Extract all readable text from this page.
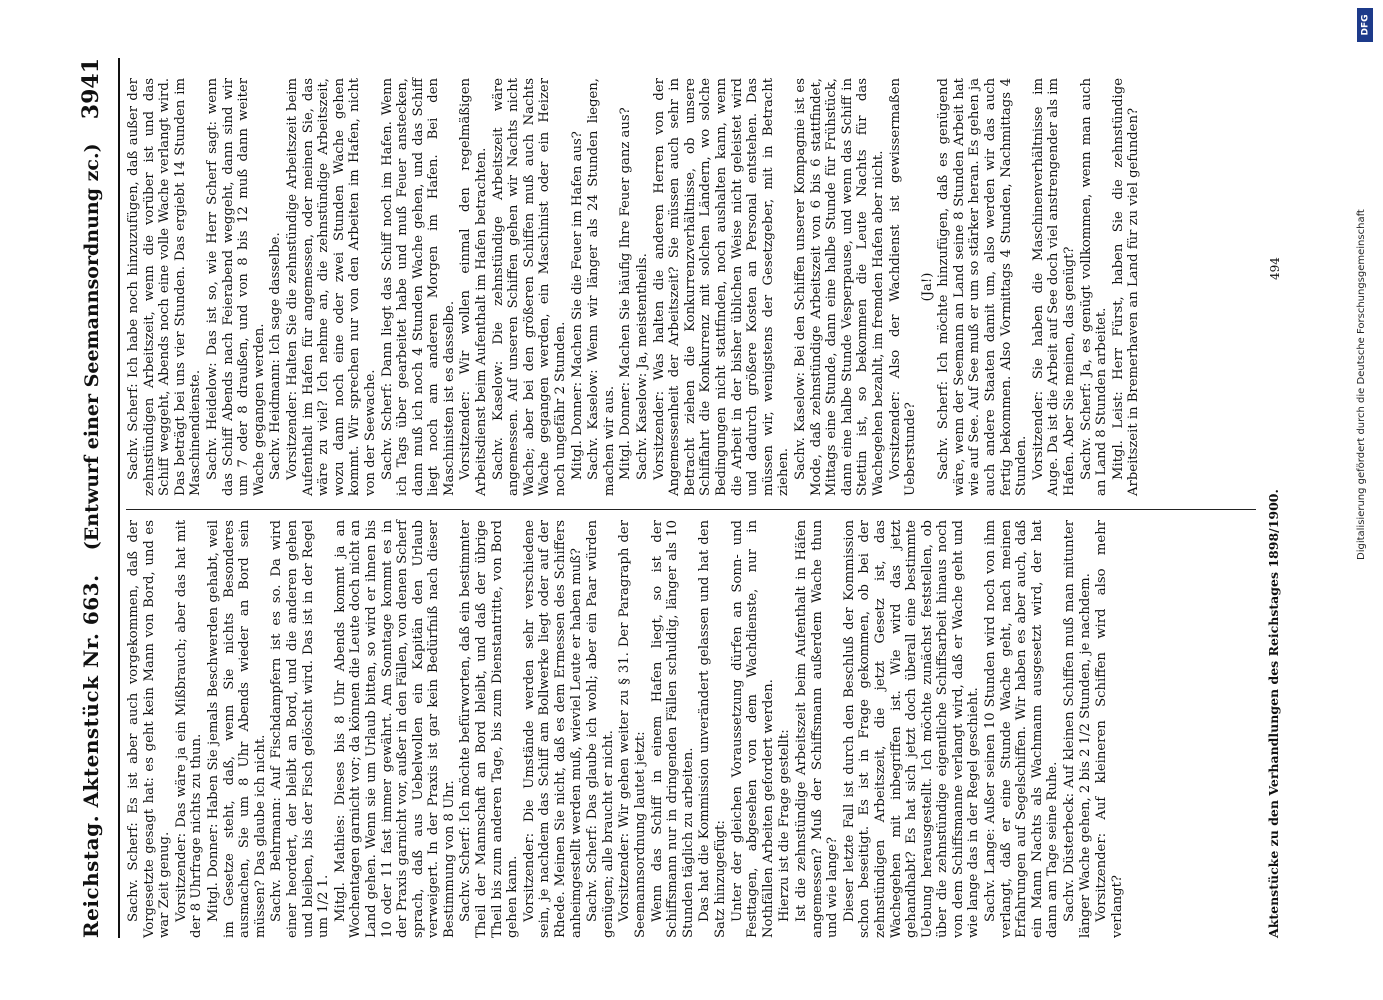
Reichstag. Aktenstück Nr. 663.
(Entwurf einer Seemannsordnung zc.)
3941

Sachv. Scherf: Es ist aber auch vorgekommen, daß der Vorgesetzte gesagt hat: es geht kein Mann von Bord, und es war Zeit genug. Vorsitzender: Das wäre ja ein Mißbrauch; aber das hat mit der 8 Uhrfrage nichts zu thun. Mitgl. Donner: Haben Sie jemals Beschwerden gehabt, weil im Gesetze steht, daß, wenn Sie nichts Besonderes ausmachen, Sie um 8 Uhr Abends wieder an Bord sein müssen? Das glaube ich nicht. Sachv. Behrmann: Auf Fischdampfern ist es so. Da wird einer heordert, der bleibt an Bord, und die anderen gehen und bleiben, bis der Fisch gelöscht wird. Das ist in der Regel um 1/2 1. Mitgl. Mathies: Dieses bis 8 Uhr Abends kommt ja an Wochentagen garnicht vor; da können die Leute doch nicht an Land gehen. Wenn sie um Urlaub bitten, so wird er ihnen bis 10 oder 11 fast immer gewährt. Am Sonntage kommt es in der Praxis garnicht vor, außer in den Fällen, von denen Scherf sprach, daß aus Uebelwollen ein Kapitän den Urlaub verweigert. In der Praxis ist gar kein Bedürfniß nach dieser Bestimmung von 8 Uhr. Sachv. Scherf: Ich möchte befürworten, daß ein bestimmter Theil der Mannschaft an Bord bleibt, und daß der übrige Theil bis zum anderen Tage, bis zum Dienstantritte, von Bord gehen kann. Vorsitzender: Die Umstände werden sehr verschiedene sein, je nachdem das Schiff am Bollwerke liegt oder auf der Rhede. Meinen Sie nicht, daß es dem Ermessen des Schiffers anheimgestellt werden muß, wieviel Leute er haben muß? Sachv. Scherf: Das glaube ich wohl; aber ein Paar würden genügen; alle braucht er nicht. Vorsitzender: Wir gehen weiter zu § 31. Der Paragraph der Seemannsordnung lautet jetzt: Wenn das Schiff in einem Hafen liegt, so ist der Schiffsmann nur in dringenden Fällen schuldig, länger als 10 Stunden täglich zu arbeiten. Das hat die Kommission unverändert gelassen und hat den Satz hinzugefügt: Unter der gleichen Voraussetzung dürfen an Sonn- und Festtagen, abgesehen von dem Wachdienste, nur in Nothfällen Arbeiten gefordert werden. Hierzu ist die Frage gestellt: Ist die zehnstündige Arbeitszeit beim Aufenthalt in Häfen angemessen? Muß der Schiffsmann außerdem Wache thun und wie lange? Dieser letzte Fall ist durch den Beschluß der Kommission schon beseitigt. Es ist in Frage gekommen, ob bei der zehnstündigen Arbeitszeit, die jetzt Gesetz ist, das Wachegehen mit inbegriffen ist. Wie wird das jetzt gehandhabt? Es hat sich jetzt doch überall eine bestimmte Uebung herausgestellt. Ich möchte zunächst feststellen, ob über die zehnstündige eigentliche Schiffsarbeit hinaus noch von dem Schiffsmanne verlangt wird, daß er Wache geht und wie lange das in der Regel geschieht. Sachv. Lange: Außer seinen 10 Stunden wird noch von ihm verlangt, daß er eine Stunde Wache geht, nach meinen Erfahrungen auf Segelschiffen. Wir haben es aber auch, daß ein Mann Nachts als Wachmann ausgesetzt wird, der hat dann am Tage seine Ruhe. Sachv. Düsterbeck: Auf kleinen Schiffen muß man mitunter länger Wache gehen, 2 bis 2 1/2 Stunden, je nachdem. Vorsitzender: Auf kleineren Schiffen wird also mehr verlangt?

Sachv. Scherf: Ich habe noch hinzuzufügen, daß außer der zehnstündigen Arbeitszeit, wenn die vorüber ist und das Schiff weggeht, Abends noch eine volle Wache verlangt wird. Das beträgt bei uns vier Stunden. Das ergiebt 14 Stunden im Maschinendienste. Sachv. Heidelow: Das ist so, wie Herr Scherf sagt: wenn das Schiff Abends nach Feierabend weggeht, dann sind wir um 7 oder 8 draußen, und von 8 bis 12 muß dann weiter Wache gegangen werden. Sachv. Heidmann: Ich sage dasselbe. Vorsitzender: Halten Sie die zehnstündige Arbeitszeit beim Aufenthalt im Hafen für angemessen, oder meinen Sie, das wäre zu viel? Ich nehme an, die zehnstündige Arbeitszeit, wozu dann noch eine oder zwei Stunden Wache gehen kommt. Wir sprechen nur von den Arbeiten im Hafen, nicht von der Seewache. Sachv. Scherf: Dann liegt das Schiff noch im Hafen. Wenn ich Tags über gearbeitet habe und muß Feuer anstecken, dann muß ich noch 4 Stunden Wache gehen, und das Schiff liegt noch am anderen Morgen im Hafen. Bei den Maschinisten ist es dasselbe. Vorsitzender: Wir wollen einmal den regelmäßigen Arbeitsdienst beim Aufenthalt im Hafen betrachten. Sachv. Kaselow: Die zehnstündige Arbeitszeit wäre angemessen. Auf unseren Schiffen gehen wir Nachts nicht Wache; aber bei den größeren Schiffen muß auch Nachts Wache gegangen werden, ein Maschinist oder ein Heizer noch ungefähr 2 Stunden. Mitgl. Donner: Machen Sie die Feuer im Hafen aus? Sachv. Kaselow: Wenn wir länger als 24 Stunden liegen, machen wir aus. Mitgl. Donner: Machen Sie häufig Ihre Feuer ganz aus? Sachv. Kaselow: Ja, meistentheils. Vorsitzender: Was halten die anderen Herren von der Angemessenheit der Arbeitszeit? Sie müssen auch sehr in Betracht ziehen die Konkurrenzverhältnisse, ob unsere Schiffahrt die Konkurrenz mit solchen Ländern, wo solche Bedingungen nicht stattfinden, noch aushalten kann, wenn die Arbeit in der bisher üblichen Weise nicht geleistet wird und dadurch größere Kosten an Personal entstehen. Das müssen wir, wenigstens der Gesetzgeber, mit in Betracht ziehen. Sachv. Kaselow: Bei den Schiffen unserer Kompagnie ist es Mode, daß zehnstündige Arbeitszeit von 6 bis 6 stattfindet, Mittags eine Stunde, dann eine halbe Stunde für Frühstück, dann eine halbe Stunde Vesperpause, und wenn das Schiff in Stettin ist, so bekommen die Leute Nachts für das Wachegehen bezahlt, im fremden Hafen aber nicht. Vorsitzender: Also der Wachdienst ist gewissermaßen Ueberstunde?

(Ja!) Sachv. Scherf: Ich möchte hinzufügen, daß es genügend wäre, wenn der Seemann an Land seine 8 Stunden Arbeit hat wie auf See. Auf See muß er um so stärker heran. Es gehen ja auch andere Staaten damit um, also werden wir das auch fertig bekommen. Also Vormittags 4 Stunden, Nachmittags 4 Stunden. Vorsitzender: Sie haben die Maschinenverhältnisse im Auge. Da ist die Arbeit auf See doch viel anstrengender als im Hafen. Aber Sie meinen, das genügt? Sachv. Scherf: Ja, es genügt vollkommen, wenn man auch an Land 8 Stunden arbeitet. Mitgl. Leist: Herr Fürst, haben Sie die zehnstündige Arbeitszeit in Bremerhaven an Land für zu viel gefunden?

Aktenstücke zu den Verhandlungen des Reichstages 1898/1900.
494
DFG
Digitalisierung gefördert durch die Deutsche Forschungsgemeinschaft
